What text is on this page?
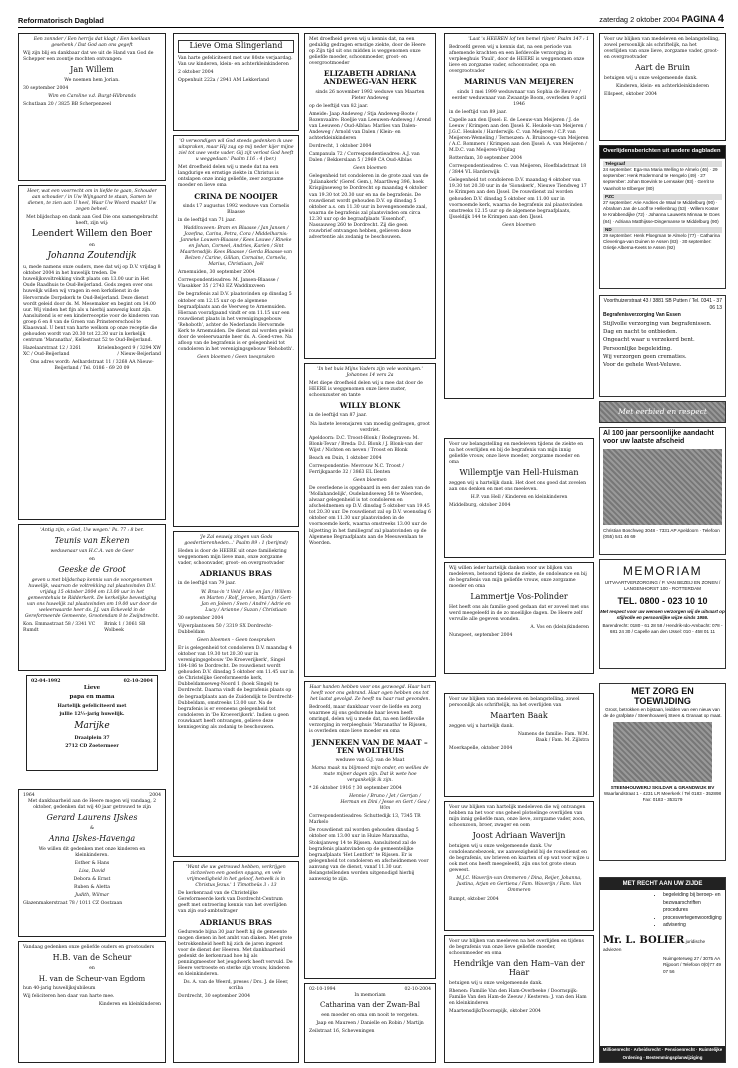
Reformatorisch Dagblad	zaterdag 2 oktober 2004 PAGINA 4

Een zonnder / Een herrijs dat klagt / Een koellaan gesehenk / Dat God aan ons gegeft

Wij zijn blij en dankbaar dat we uit de Hand van God de Schepper een zoontje mochten ontvangen:

Jan Willem

We noemen hem Jorian.

30 september 2004

Wim en Caroline v.d. Burgt-Hilbrands

Schutlaan 20 / 3825 BB Scherpenzeel

Heer, wat een voorrecht om in liefde te gaan, Schouder aan schouder / in Uw Wijngaard te staan, Samen te dienen, te zien aan U heel, Waar Uw Woord maakt! Uw zegen beheel.

Met blijdschap en dank aan God Die ons samengebracht heeft, zijn wij:

Leendert Willem den Boer

en

Johanna Zoutendijk

u, mede namens onze ouders, mee dat wij op D.V. vrijdag 8 oktober 2004 in het huwelijk treden. De huwelijksvoltrekking vindt plaats om 13.00 uur in Het Oude Raadhuis te Oud-Beijerland. Gods zegen over ons huwelijk willen wij vragen in een kerkdienst in de Hervormde Dorpskerk te Oud-Beijerland. Deze dienst wordt geleid door ds. M. Mesemaker en begint om 14.00 uur. Wij vinden het fijn als u hierbij aanwezig kunt zijn. Aansluitend is er een kinderreceptie voor de kinderen van groep 6 en 8 van de Groen van Prinstererschool te Klaaswaal. U bent van harte welkom op onze receptie die gehouden wordt van 20.30 tot 22.30 uur in kerkelijk centrum 'Maranatha', Kellestraat 52 te Oud-Beijerland.

Hazelaarstraat 12 / 3261 XC / Oud-Beijerland

Krielenbogerd 9 / 3294 XW / Nieuw-Beijerland

Ons adres wordt: Aelhardstraat 11 / 3268 AA Nieuw-Beijerland / Tel. 0186 - 69 20 09

'Antig zijn, o God, Uw wegen.' Ps. 77 : 8 ber.

Teunis van Ekeren

weduwnaar van H.C.A. van de Geer

en

Geeske de Groot

geven u met blijdschap kennis van de voorgenomen huwelijk, waarvan de voltrekking zal plaatsvinden D.V. vrijdag 15 oktober 2004 om 13.00 uur in het gemeentehuis te Ridderkerk. De kerkelijke bevestiging van ons huwelijk zal plaatsvinden om 19.00 uur door de weleerwaarde heer ds. J.J. van Eckeveld in de Gereformeerde Gemeente, Grootendam 8 te Zwijndrecht.

Kon. Emmastraat 58 / 3341 VC Rumdt

Brink 1 / 3061 SB Wolbeek

02-04-1992	02-10-2004

Lieve

papa en mama

Hartelijk gefeliciteerd met

jullie 12½-jarig huwelijk.

Marijke

Draaiplein 37

2712 CD Zoetermeer

1964	2004

Met dankbaarheid aan de Heere mogen wij vandaag, 2 oktober, gedenken dat wij 40 jaar getrouwd te zijn

Gerard Laurens IJskes

&

Anna IJskes-Havenga

We willen dit gedenken met onze kinderen en kleinkinderen.

Esther & Hans

Lisa, David

Debora & Ernst

Ruben & Aletta

Judith, Wilmar

Glazenmakerstraat 78 / 1011 CZ Oostzaan

Vandaag gedenken onze geliefde ouders en grootouders

H.B. van de Scheur

en

H. van de Scheur-van Egdom

hun 40-jarig huwelijksjubileum

Wij feliciteren hen daar van harte mee.

Kinderen en kleinkinderen

Lieve Oma Slingerland

Van harte gefeliciteerd met uw 80ste verjaardag. Van uw kinderen, klein- en achterkleinkinderen

2 oktober 2004

Oppenhuit 222a / 2941 AM Lekkerland

'O verwondigen wil God steeds gedenken ik uwe uitspraken, maar Hij zag op mij neder kijer mijne ziel tot uwe veste vader. Gij zijt verlost God heeft u weggedaan.' Psalm 116 : 4 (ber.)

Met droefheid delen wij u mede dat na een langdurige en ernstige ziekte in Christus is ontslapen onze innig geliefde, zeer zorgzame moeder en lieve oma

CRINA DE NOOIJER

sinds 17 augustus 1992 weduwe van Cornelis Blaasse

in de leeftijd van 71 jaar.

Waddinxveen: Bram en Blaasse / Jan Jansen / Jozefina, Carina, Petra, Cora / Middelharnis: Janneke Louwen-Blaasse / Kees Louwe / Rineke en Johan, Corneel, Andries, Karien / Sint Maartensdijk: Kees Blaasse / Gerda Blaasse-van Belzen / Carine, Gillian, Cornaine, Cornelis, Marius, Christiaan, Joël

Arnemuiden, 30 september 2004

Correspondentieadres: M. Jansen-Blaasse / Vlasakker 35 / 2743 EZ Waddinxveen

De begrafenis zal D.V. plaatsvinden op dinsdag 5 oktober om 12.15 uur op de algemene begraafplaats aan de Veerweg te Arnemuiden. Hieraan voorafgaand vindt er om 11.15 uur een rouwdienst plaats in het verenigingsgebouw 'Rehoboth', achter de Nederlands Hervormde Kerk te Arnemuiden. De dienst zal worden geleid door de weleerwaarde heer ds. A. Goed-vree. Na afloop van de begrafenis is er gelegenheid tot condoleren in het verenigingsgebouw 'Rehoboth'.

Geen bloemen / Geen toespraken

'Je Zal eeuwig zingen van Gods goedertierenheden...' Psalm 89 : 1 (berijmd)

Heden is door de HEERE uit onze familiekring weggenomen mijn lieve man, onze zorgzame vader, schoonvader, groot- en overgrootvader

ADRIANUS BRAS

in de leeftijd van 79 jaar.

W. Bras-in 't Veld / Alie en Jan / Willem en Marten / Rolf, Jeroen, Martijn / Gert-Jan en Joleen / Sven / André / Adrie en Lucy / Arianne / Suzan / Christiaan

30 september 2004

Vijverplantsoen 50 / 3319 SX Dordrecht-Dubbeldam

Geen bloemen – Geen toespraken

Er is gelegenheid tot condoleren D.V. maandag 4 oktober van 19.30 tot 20.30 uur in verenigingsgebouw 'De Kroeverijkerk', Singel 184-186 te Dordrecht. De rouwdienst wordt gehouden D.V. dinsdag 5 oktober om 11.45 uur in de Christelijke Gereformeerde kerk, Dubbeldamseweg-Noord 1 (hoek Singel) te Dordrecht. Daarna vindt de begrafenis plaats op de begraafplaats aan de Zuidendijk te Dordrecht-Dubbeldam, omstreeks 13.00 uur. Na de begrafenis is er eveneens gelegenheid tot condoleren in 'De Kroeverijkerk'. Indien u geen rouwkaart heeft ontvangen, gelieve deze kennisgeving als zodanig te beschouwen.

'Want die uw getrouwd hebben, verkrijgen zichzelven een goeden opgang, en vele vrijmoedigheid in het geloof, hetwelk is in Christus Jezus.' 1 Timotheüs 3 : 13

De kerkenraad van de Christelijke Gereformeerde kerk van Dordrecht-Centrum geeft met ontroering kennis van het overlijden van zijn oud-ambtsdrager

ADRIANUS BRAS

Gedurende bijna 30 jaar heeft hij de gemeente mogen dienen in het ambt van diaken. Met grote betrokkenheid heeft hij zich de jaren ingezet voor de dienst der Heeren. Met dankbaarheid gedenkt de kerkenraad hoe hij als penningmeester het jeugdwerk heeft vervuld. De Heere vertroeste en sterke zijn vrouw, kinderen en kleinkinderen.

Ds. A. van de Weerd, preses / Drs. J. de Heer, scriba

Dordrecht, 30 september 2004

Met droefheid geven wij u kennis dat, na een geduldig gedragen ernstige ziekte, door de Heere op Zijn tijd uit ons midden is weggenomen onze geliefde moeder, schoonmoeder, groot- en overgrootmoeder

ELIZABETH ADRIANA ANDEWEG-VAN HERK

sinds 26 november 1992 weduwe van Maarten Pieter Andeweg

op de leeftijd van 82 jaar.

Ameide: Jaap Andeweg / Stja Andeweg-Boote / Rozenvaalre: Roeljie van Leeuwen-Andeweg / Arend van Leeuwen / Oud-Alblas: Marlies van Dalen-Andeweg / Arnold van Dalen / Klein- en achterkleinkinderen

Dordrecht, 1 oktober 2004

Campanula 72 / Correspondentieadres: A.J. van Dalen / Bekkerslaan 5 / 2969 CA Oud-Alblas

Geen bloemen

Gelegenheid tot condoleren in de grote zaal van de 'Julianakerk' (Geref. Gem.), Maartlweg 396, hoek Krispijnseweg te Dordrecht op maandag 4 oktober van 19.30 tot 20.30 uur en na de begrafenis. De rouwdienst wordt gehouden D.V. op dinsdag 5 oktober a.s. om 11.30 uur in bovengenoemde zaal, waarna de begrafenis zal plaatsvinden om circa 12.30 uur op de begraafplaats 'Essenhof', Nassauweg 260 te Dordrecht. Zij die geen rouwbrief ontvangen hebben, gelieven deze advertentie als zodanig te beschouwen.

'In het huis Mijns Vaders zijn vele woningen.' Johannes 14 vers 2a

Met diepe droefheid delen wij u mee dat door de HEERE is weggenomen onze lieve zuster, schoonzuster en tante

WILLY BLONK

in de leeftijd van 87 jaar.

Na lastete levensjaren van moedig gedragen, groot verdriet.

Apeldoorn: D.C. Troost-Blonk / Bodegraven: M. Blonk-Tevar / Breda: D.I. Blonk / J. Blonk-van der Wijst / Nichten en neven / Troost en Blonk

Beach en Duin, 1 oktober 2004

Correspondentie: Mevrouw N.C. Troost / Ferrijkgaarde 32 / 3863 EL Ilenten

Geen bloemen

De overledene is opgebaard in een der zalen van de 'Mollahandelijk', Oudelandseweg 58 te Woerden, alwaar gelegenheid is tot condoleren en afscheidnemen op D.V. dinsdag 5 oktober van 19.45 tot 20.30 uur. De rouwdienst zal op D.V. woensdag 6 oktober om 11.30 uur plaatsvinden in de voornoemde kerk, waarna omstreeks 13.00 uur de bijzetting in het familiegraf zal plaatsvinden op de Algemene Begraafplaats aan de Meeuwenlaan te Woerden.

Haar handen hebben voor ons gezwoegd. Haar hart heeft voor ons gebrand. Haar ogen hebben ons tot het laatst gevolgd. Ze heeft nu haar rust gevonden.

Bedroefd, maar dankbaar voor de liefde en zorg waarmee zij ons gedurende haar leven heeft omringd, delen wij u mede dat, na een liefdevolle verzorging in verpleeghuis 'Maranatha' te Rijssen, is overleden onze lieve moeder en oma

JENNEKEN VAN DE MAAT – TEN WOLTHUIS

weduwe van G.J. van de Maat

Mama maak nu blijmoed mijn onder, en wellies de mate mijner dagen zijn. Dat ik wete hoe vergankelijk ik zijn.

* 26 oktober 1916 † 30 september 2004

Hennie / Bruno / Jet / Gerrjan / Herman en Dini / Jesse en Gert / Gea / Wim

Correspondentieadres: Schuttedijk 13, 7345 TR Markelo

De rouwdienst zal worden gehouden dinsdag 5 oktober om 13.00 uur in Huize Maranatha, Stoksjanweg 14 te Rijssen. Aansluitend zal de begrafenis plaatsvinden op de gemeentelijke begraafplaats 'Het Lentfort' te Rijssen. Er is gelegenheid tot condoleren en afscheidnemen voor aanvang van de dienst, vanaf 11.30 uur. Belangstellenden worden uitgenodigd hierbij aanwezig te zijn.

02-10-1994	02-10-2004

In memoriam

Catharina van der Zwan-Bal

een moeder en oma om nooit te vergeten.

Jaap en Maureen / Danielle en Robin / Martijn

Zeilstraat 16, Scheveningen

'Laat 's HEEREN lof ten hemel rijzen' Psalm 147 : 1

Bedroefd geven wij u kennis dat, na een periode van afnemende krachten en een liefdevolle verzorging in verpleeghuis 'Pauli', door de HEERE is weggenomen onze lieve en zorgzame vader, schoonvader, opa en overgrootvader

MARINUS VAN MEIJEREN

sinds 1 mei 1999 weduwnaar van Sophia de Reuver / eerder weduwnaar van Zwaantje Boom, overleden 9 april 1946

in de leeftijd van 89 jaar.

Capelle aan den IJssel: E. de Leeuw-van Meijeren / J. de Leeuw / Krimpen aan den IJssel: K. Heukels-van Meijeren / J.G.C. Heukels / Harderwijk: C. van Meijeren / C.P. van Meijeren-Wemeling / Terneuzen: A. Bruinooge-van Meijeren / A.C. Rommers / Krimpen aan den IJssel: A. van Meijeren / M.D.C. van Meijeren-Vrijdag

Rotterdam, 30 september 2004

Correspondentieadres: C. van Meijeren, Hoefbladstraat 18 / 3844 VL Harderwijk

Gelegenheid tot condoleren D.V. maandag 4 oktober van 19.30 tot 20.30 uur in de 'Sionskerk', Nieuwe Tiendweg 17 te Krimpen aan den IJssel. De rouwdienst zal worden gehouden D.V. dinsdag 5 oktober om 11.00 uur in voornoemde kerk, waarna de begrafenis zal plaatsvinden omstreeks 12.15 uur op de algemene begraafplaats, IJsseldijk 144 te Krimpen aan den IJssel.

Geen bloemen

Voor uw belangstelling en medeleven tijdens de ziekte en na het overlijden en bij de begrafenis van mijn innig geliefde vrouw, onze lieve moeder, zorgzame moeder en oma

Willemptje van Hell-Huisman

zeggen wij u hartelijk dank. Het doet ons goed dat zovelen aan ons denken en met ons meeleven.

H.P. van Hell / Kinderen en kleinkinderen

Middelburg, oktober 2004

Wij willen ieder hartelijk danken voor uw blijken van medeleven, betoond tijdens de ziekte, de ondoleance en bij de begrafenis van mijn geliefde vrouw, onze zorgzame moeder en oma

Lammertje Vos-Polinder

Het heeft ons als familie goed gedaan dat er zoveel met ons werd meegeleefd in de zo moeilijke dagen. De Heere zelf vervulle alle gegeven wonden.

A. Vos en (klein)kinderen

Nunspeet, september 2004

Voor uw blijken van medeleven en belangstelling, zowel persoonlijk als schriftelijk, na het overlijden van

Maarten Baak

zeggen wij u hartelijk dank.

Namens de familie: Fam. W.M. Baak / Fam. M. Zijlstra

Moerkapelle, oktober 2004

Voor uw blijken van hartelijk medeleven die wij ontvangen hebben na het voor ons geheel plotselinge overlijden van mijn innig geliefde man, onze lieve, zorgzame vader, zoon, schoonzoon, broer, zwager en oom

Joost Adriaan Waverijn

betuigen wij u onze welgemeende dank. Uw condoleancebezoek, uw aanwezigheid bij de rouwdienst en de begrafenis, uw brieven en kaarten of op wat voor wijze u ook met ons heeft meegeleefd, zijn ons tot grote steun geweest.

M.J.C. Waverijn-van Ommeren / Dina, Reijer, Johanna, Justina, Arjan en Gertiena / Fam. Waverijn / Fam. Van Ommeren

Rumpt, oktober 2004

Voor uw blijken van meeleven na het overlijden en tijdens de begrafenis van onze lieve geliefde moeder, schoonmoeder en oma

Hendrikje van den Ham–van der Haar

betuigen wij u onze welgemeende dank.

Rhenen: Familie Van den Ham-Overbeeke / Doornspijk: Familie Van den Ham-de Zeeuw / Kesteren: J. van den Ham en kleinkinderen

Maartensdijk/Doornspijk, oktober 2004

Voor uw blijken van medeleven en belangstelling, zowel persoonlijk als schriftelijk, na het overlijden van onze lieve, zorgzame vader, groot- en overgrootvader

Aart de Bruin

betuigen wij u onze welgemeende dank.

Kinderen, klein- en achterkleinkinderen

Ellspeet, oktober 2004

Overlijdensberichten uit andere dagbladen

Telegraaf

24 september: Ega-Ina Maria Welling te Almelo (46) · 29 september: Henk Rodermond te Hengelo (49) · 27 september: Johan Boevink te Lemsaker (93) · Gerrit te Vaanholt te Elberger (80)

PZC

27 september: Arie Andries de Waal te Middelburg (90) · Abraham Jan de Looff te Hellenbrug (53) · Willem Koster te Krabbendijke (72) · Johanna Lauwerts Minnaa te Goes (84) · Adriana Matthijsse-Dingemanse te Middelburg (90)

ND

29 september: Henk Ploegman te Almelo (77) · Catharina Cleveringa-van Duinen te Assen (83) · 30 september: Grietje Alberna-Keets te Assen (92)

Voorthuizerstraat 43 / 3881 SB Putten / Tel. 0341 - 37 06 13

Begrafenisverzorging Van Essen

Stijlvolle verzorging van begrafenissen.
Dag en nacht te ontbieden.
Ongeacht waar u verzekerd bent.
Persoonlijke begeleiding.
Wij verzorgen geen crematies.
Voor de gehele West-Veluwe.
Met eerbied en respect

Al 100 jaar persoonlijke aandacht voor uw laatste afscheid

Christian Boschweg 3048 - 7331 AP Apeldoorn · Telefoon (055) 541 46 69

MEMORIAM

UITVAARTVERZORGING / P. VAN BEZEIJ EN ZONEN / LANGENHORST 100 - ROTTERDAM

TEL. 0800 - 023 10 10

Met respect voor uw wensen verzorgen wij de uitvaart op stijlvolle en persoonlijke wijze sinds 1956.

Barendrecht: 0180 - 61 28 58 / Hendrik-Ido-Ambacht: 078 - 681 24 30 / Capelle aan den IJssel: 010 - 458 01 11

MET ZORG EN TOEWIJDING

Groot, betrokken en bijstaan, leidden van een nieuw van de de grafplate / Steenhouwerij Steen & Granaat op maat.

STEENHOUWERIJ SKILDAR & GRANDWIJK BV

Waarlandstraat 1 - 4231 LR Meerkerk / Tel 0183 - 352898 Fax: 0183 - 353179

MET RECHT AAN UW ZIJDE
• begeleiding bij beroep- en bezwaarschriften procedures
• procesvertegenwoordiging
• advisering

Mr. L. BOLIER juridische adviezen

Nuimgeterweg 27 / 3075 AA Rijpoort / Telefoon 0(0)77 49 07 56

Millioenrecht · Arbeidsrecht · Pensioenrecht · Ruimtelijke Ordening · Bestemmingsplanwijziging
